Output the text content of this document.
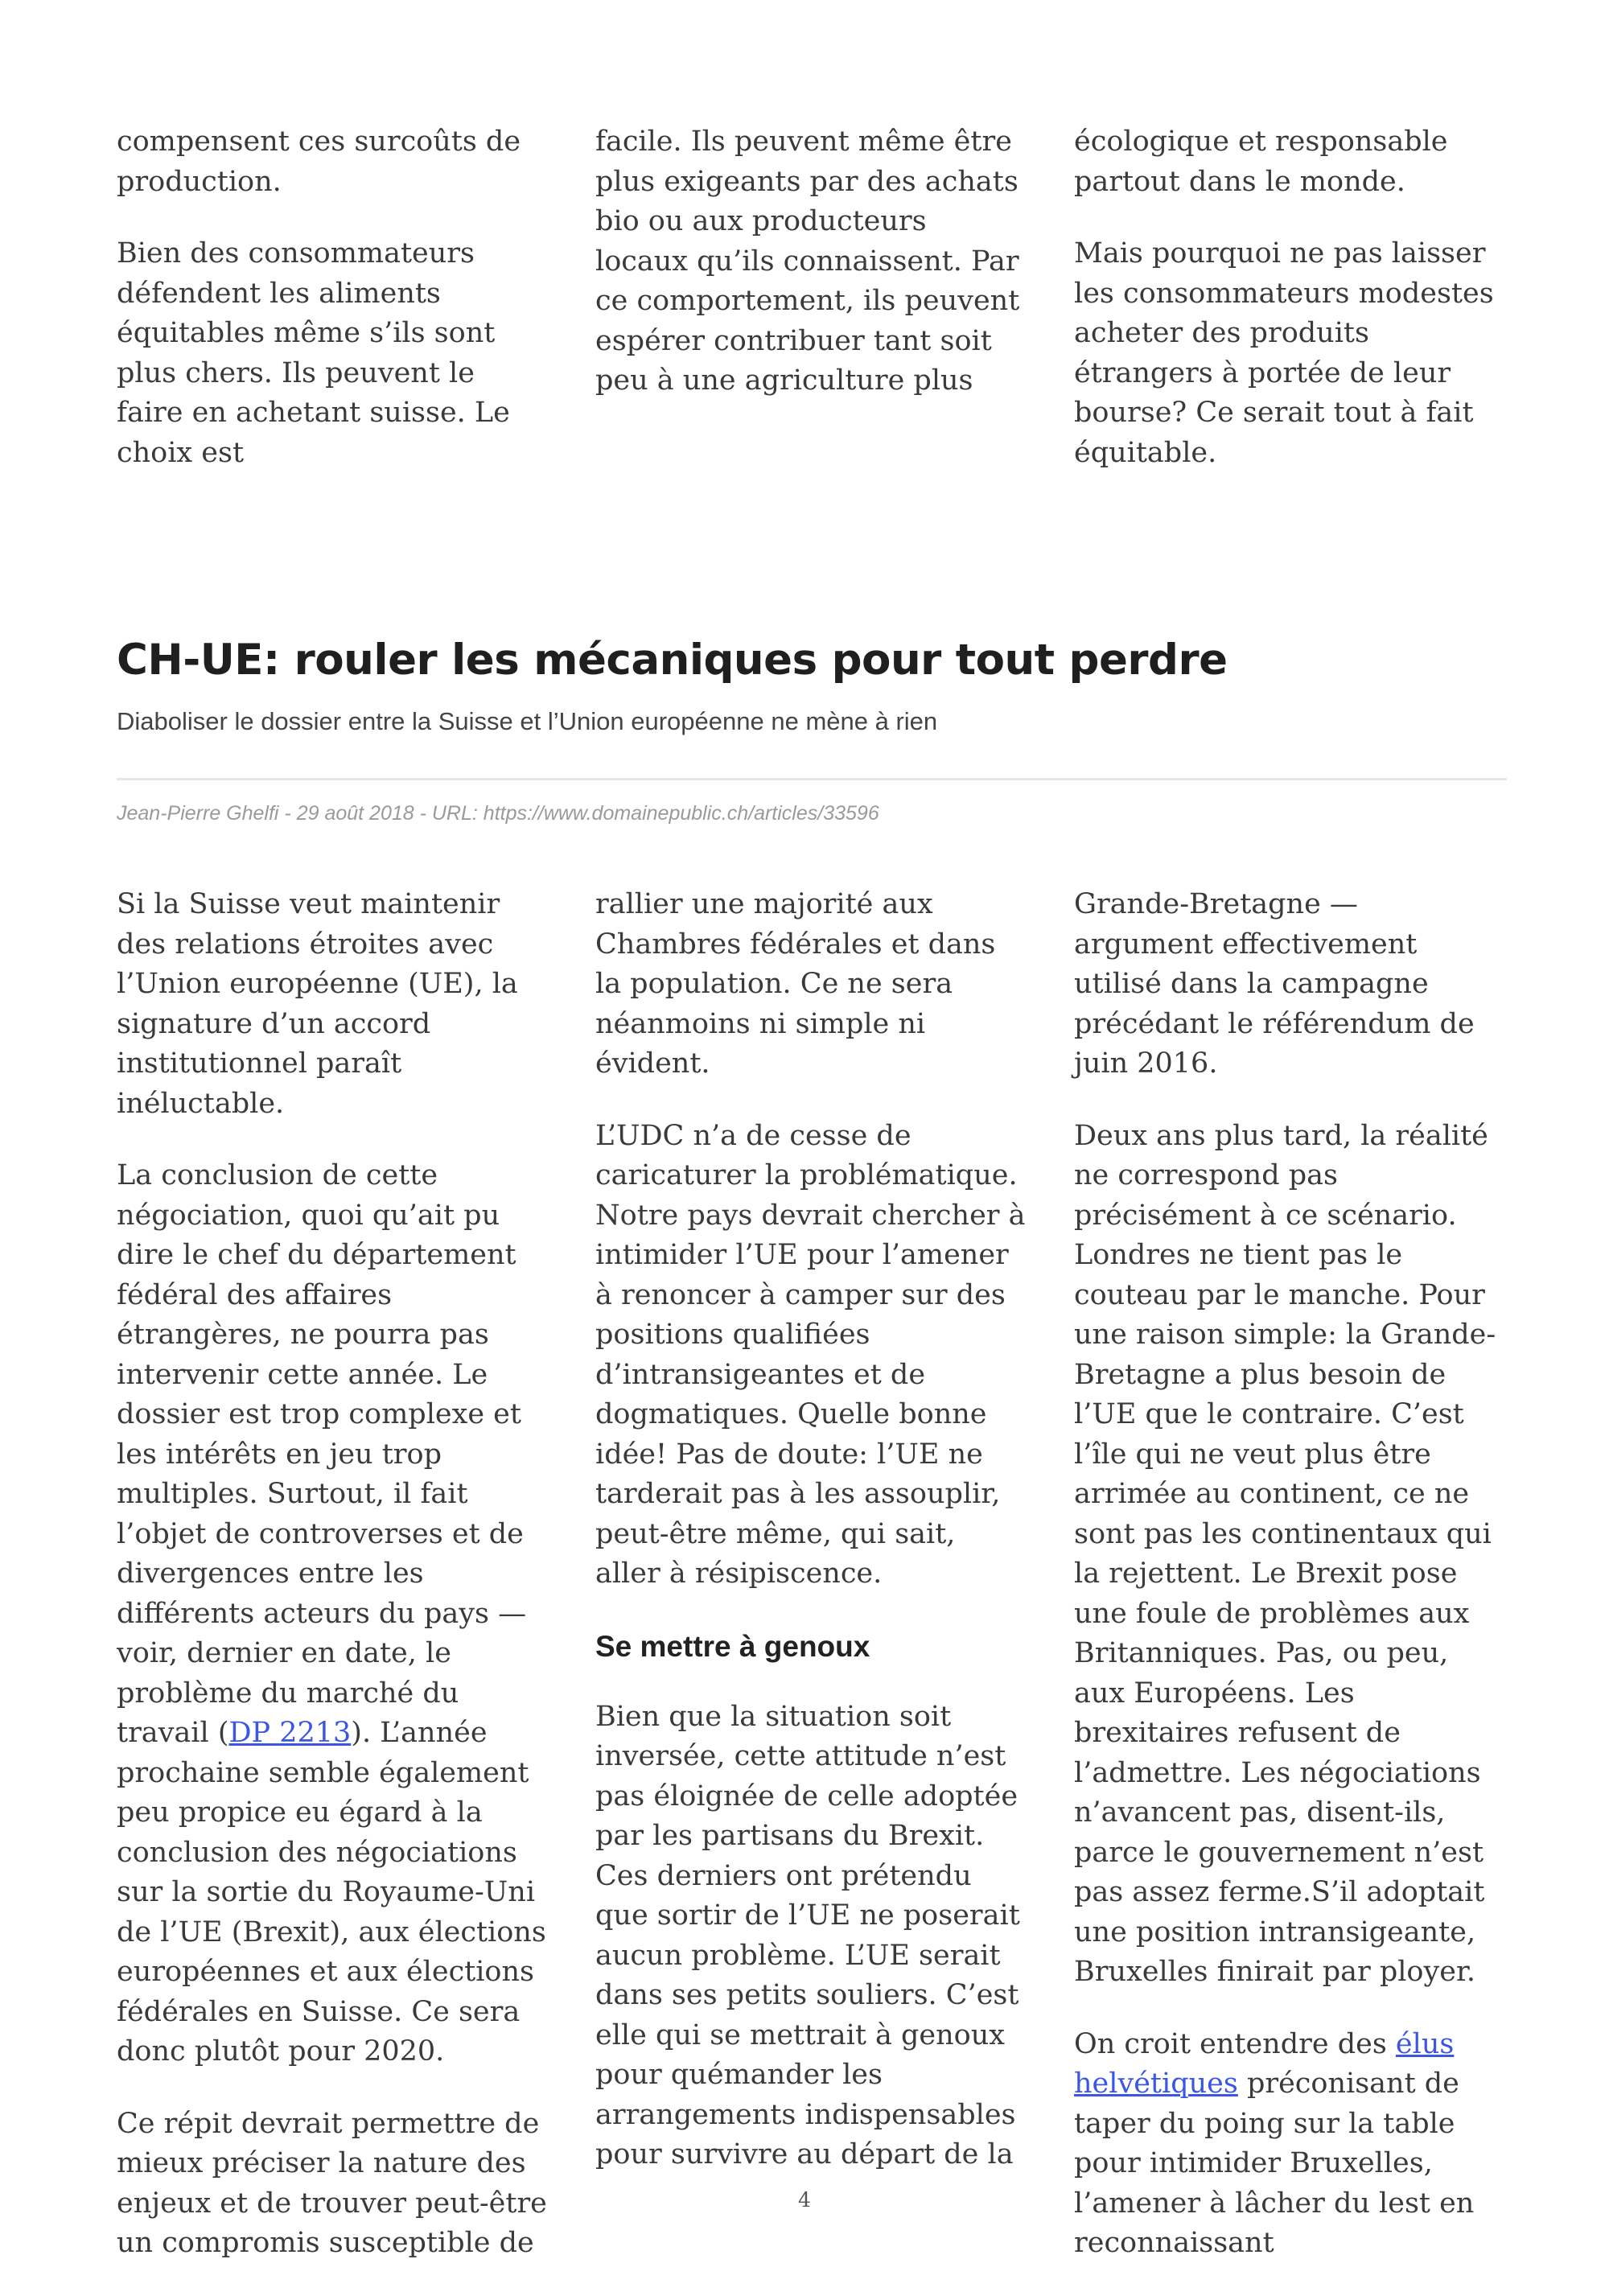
compensent ces surcoûts de production.

Bien des consommateurs défendent les aliments équitables même s’ils sont plus chers. Ils peuvent le faire en achetant suisse. Le choix est

facile. Ils peuvent même être plus exigeants par des achats bio ou aux producteurs locaux qu’ils connaissent. Par ce comportement, ils peuvent espérer contribuer tant soit peu à une agriculture plus

écologique et responsable partout dans le monde.

Mais pourquoi ne pas laisser les consommateurs modestes acheter des produits étrangers à portée de leur bourse? Ce serait tout à fait équitable.

CH-UE: rouler les mécaniques pour tout perdre

Diaboliser le dossier entre la Suisse et l’Union européenne ne mène à rien

Jean-Pierre Ghelfi - 29 août 2018 - URL: https://www.domainepublic.ch/articles/33596

Si la Suisse veut maintenir des relations étroites avec l’Union européenne (UE), la signature d’un accord institutionnel paraît inéluctable.

La conclusion de cette négociation, quoi qu’ait pu dire le chef du département fédéral des affaires étrangères, ne pourra pas intervenir cette année. Le dossier est trop complexe et les intérêts en jeu trop multiples. Surtout, il fait l’objet de controverses et de divergences entre les différents acteurs du pays — voir, dernier en date, le problème du marché du travail (DP 2213). L’année prochaine semble également peu propice eu égard à la conclusion des négociations sur la sortie du Royaume-Uni de l’UE (Brexit), aux élections européennes et aux élections fédérales en Suisse. Ce sera donc plutôt pour 2020.

Ce répit devrait permettre de mieux préciser la nature des enjeux et de trouver peut-être un compromis susceptible de

rallier une majorité aux Chambres fédérales et dans la population. Ce ne sera néanmoins ni simple ni évident.

L’UDC n’a de cesse de caricaturer la problématique. Notre pays devrait chercher à intimider l’UE pour l’amener à renoncer à camper sur des positions qualifiées d’intransigeantes et de dogmatiques. Quelle bonne idée! Pas de doute: l’UE ne tarderait pas à les assouplir, peut-être même, qui sait, aller à résipiscence.

Se mettre à genoux

Bien que la situation soit inversée, cette attitude n’est pas éloignée de celle adoptée par les partisans du Brexit. Ces derniers ont prétendu que sortir de l’UE ne poserait aucun problème. L’UE serait dans ses petits souliers. C’est elle qui se mettrait à genoux pour quémander les arrangements indispensables pour survivre au départ de la

Grande-Bretagne — argument effectivement utilisé dans la campagne précédant le référendum de juin 2016.

Deux ans plus tard, la réalité ne correspond pas précisément à ce scénario. Londres ne tient pas le couteau par le manche. Pour une raison simple: la Grande-Bretagne a plus besoin de l’UE que le contraire. C’est l’île qui ne veut plus être arrimée au continent, ce ne sont pas les continentaux qui la rejettent. Le Brexit pose une foule de problèmes aux Britanniques. Pas, ou peu, aux Européens. Les brexitaires refusent de l’admettre. Les négociations n’avancent pas, disent-ils, parce le gouvernement n’est pas assez ferme.S’il adoptait une position intransigeante, Bruxelles finirait par ployer.

On croit entendre des élus helvétiques préconisant de taper du poing sur la table pour intimider Bruxelles, l’amener à lâcher du lest en reconnaissant

4
